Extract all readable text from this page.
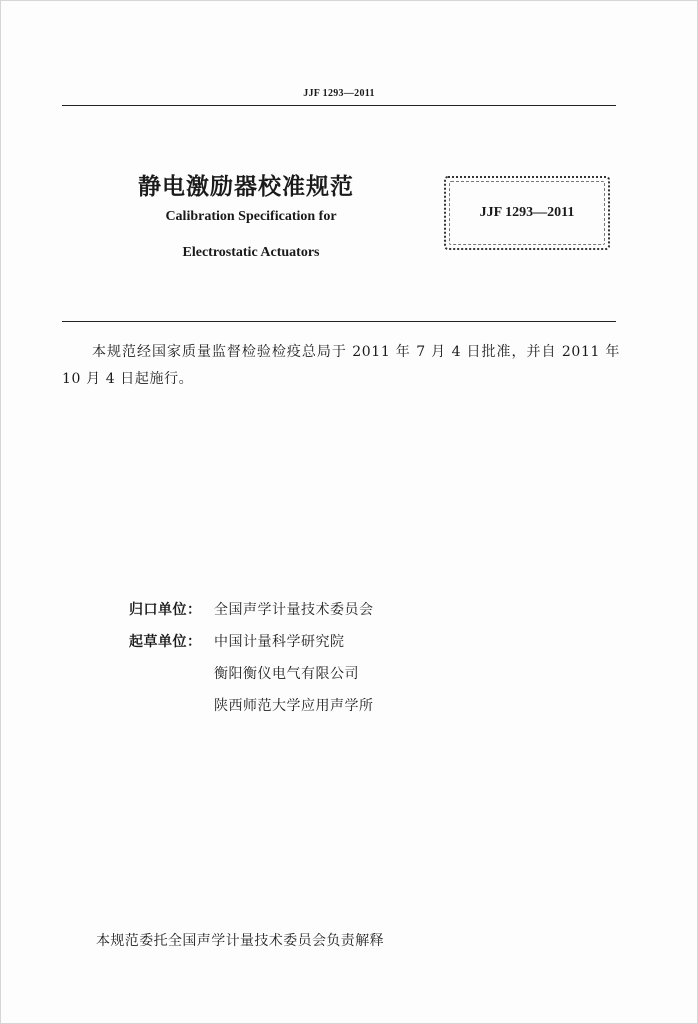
JJF 1293—2011
静电激励器校准规范
Calibration Specification for
Electrostatic Actuators
JJF 1293—2011
本规范经国家质量监督检验检疫总局于 2011 年 7 月 4 日批准，并自 2011 年 10 月 4 日起施行。
归口单位： 全国声学计量技术委员会
起草单位： 中国计量科学研究院
衡阳衡仪电气有限公司
陕西师范大学应用声学所
本规范委托全国声学计量技术委员会负责解释
